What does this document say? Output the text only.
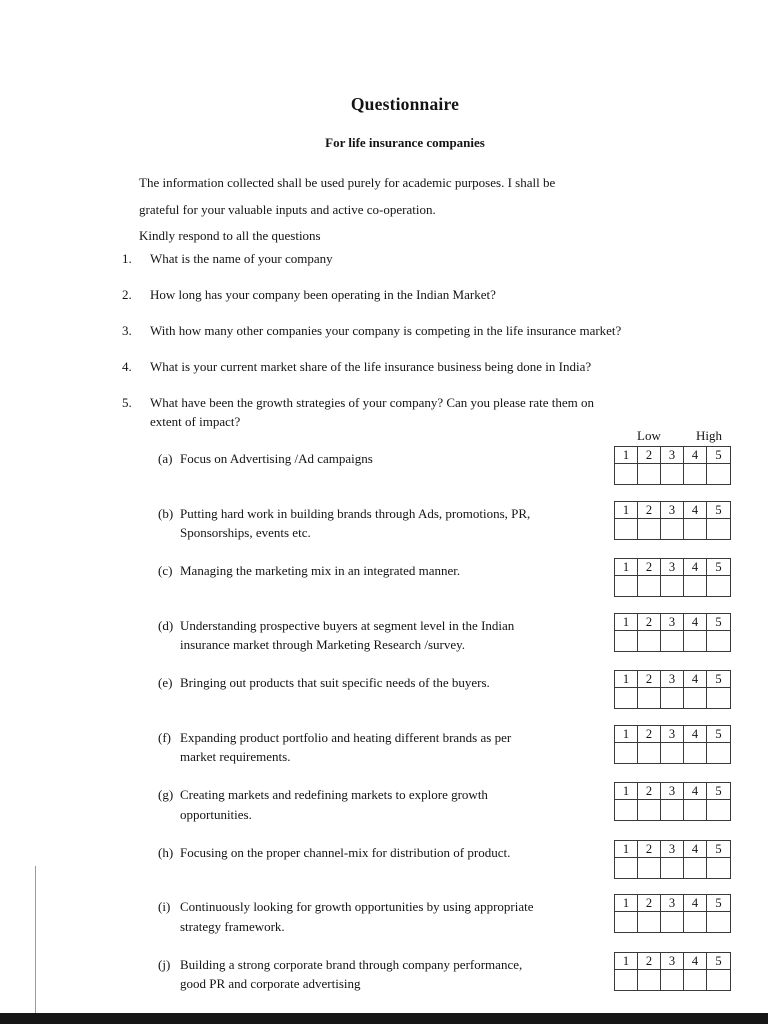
Questionnaire
For life insurance companies
The information collected shall be used purely for academic purposes. I shall be
grateful for your valuable inputs and active co-operation.
Kindly respond to all the questions
1. What is the name of your company
2. How long has your company been operating in the Indian Market?
3. With how many other companies your company is competing in the life insurance market?
4. What is your current market share of the life insurance business being done in India?
5. What have been the growth strategies of your company? Can you please rate them on
extent of impact?
Low	High
(a) Focus on Advertising /Ad campaigns	1	2	3	4	5
(b) Putting hard work in building brands through Ads, promotions, PR,
Sponsorships, events etc.
1	2	3	4	5
(c) Managing the marketing mix in an integrated manner.	1	2	3	4	5
(d) Understanding prospective buyers at segment level in the Indian
insurance market through Marketing Research /survey.
1	2	3	4	5
(e) Bringing out products that suit specific needs of the buyers.	1	2	3	4	5
(f) Expanding product portfolio and heating different brands as per
market requirements.
1	2	3	4	5
(g) Creating markets and redefining markets to explore growth
opportunities.
1	2	3	4	5
(h) Focusing on the proper channel-mix for distribution of product.	1	2	3	4	5
(i) Continuously looking for growth opportunities by using appropriate
strategy framework.
1	2	3	4	5
(j) Building a strong corporate brand through company performance,
good PR and corporate advertising
1	2	3	4	5
